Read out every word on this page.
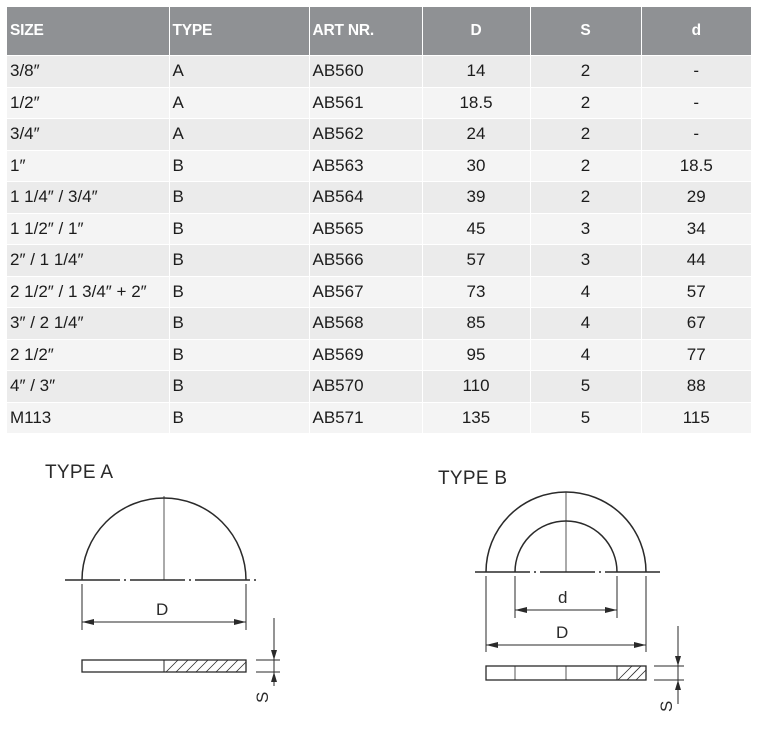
SIZE	TYPE	ART NR.	D	S	d
3/8″	A	AB560	14	2	-
1/2″	A	AB561	18.5	2	-
3/4″	A	AB562	24	2	-
1″	B	AB563	30	2	18.5
1 1/4″ / 3/4″	B	AB564	39	2	29
1 1/2″ / 1″	B	AB565	45	3	34
2″ / 1 1/4″	B	AB566	57	3	44
2 1/2″ / 1 3/4″ + 2″	B	AB567	73	4	57
3″ / 2 1/4″	B	AB568	85	4	67
2 1/2″	B	AB569	95	4	77
4″ / 3″	B	AB570	110	5	88
M113	B	AB571	135	5	115
TYPE A	TYPE B
D
S
d
D
S
